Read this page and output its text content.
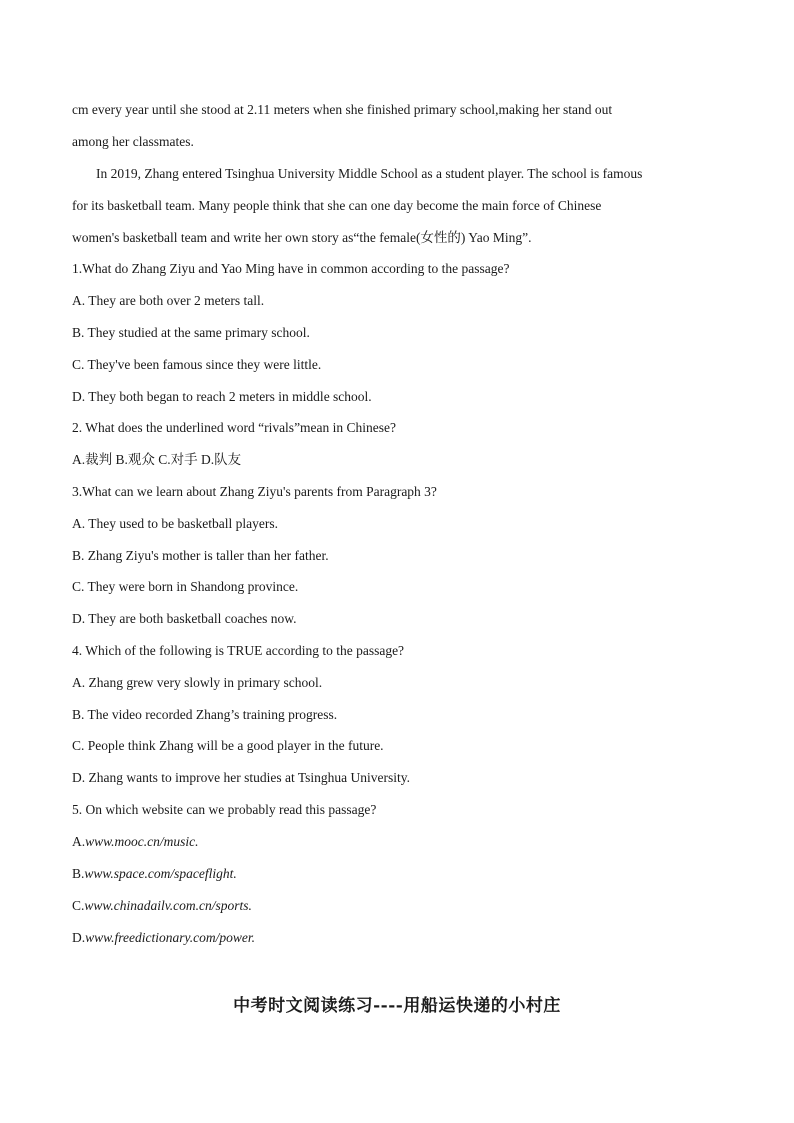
cm every year until she stood at 2.11 meters when she finished primary school,making her stand out
among her classmates.
In 2019, Zhang entered Tsinghua University Middle School as a student player. The school is famous
for its basketball team. Many people think that she can one day become the main force of Chinese
women's basketball team and write her own story as“the female(女性的) Yao Ming”.
1.What do Zhang Ziyu and Yao Ming have in common according to the passage?
A. They are both over 2 meters tall.
B. They studied at the same primary school.
C. They've been famous since they were little.
D. They both began to reach 2 meters in middle school.
2. What does the underlined word “rivals”mean in Chinese?
A.裁判 B.观众 C.对手 D.队友
3.What can we learn about Zhang Ziyu's parents from Paragraph 3?
A. They used to be basketball players.
B. Zhang Ziyu's mother is taller than her father.
C. They were born in Shandong province.
D. They are both basketball coaches now.
4. Which of the following is TRUE according to the passage?
A. Zhang grew very slowly in primary school.
B. The video recorded Zhang’s training progress.
C. People think Zhang will be a good player in the future.
D. Zhang wants to improve her studies at Tsinghua University.
5. On which website can we probably read this passage?
A.www.mooc.cn/music.
B.www.space.com/spaceflight.
C.www.chinadailv.com.cn/sports.
D.www.freedictionary.com/power.
中考时文阅读练习----用船运快递的小村庄
